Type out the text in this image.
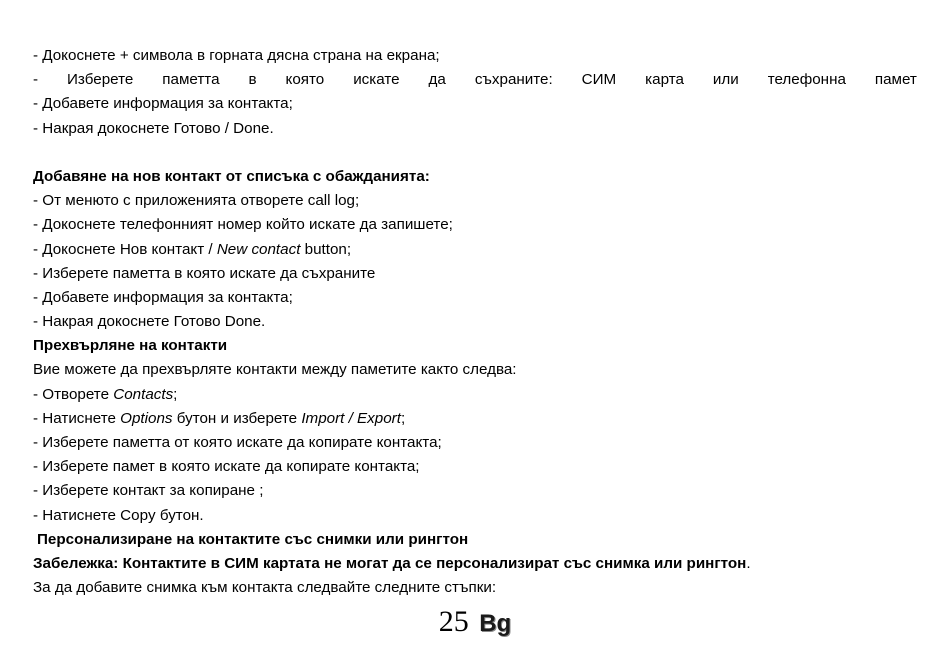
- Докоснете + символа в горната дясна страна на екрана;
- Изберете паметта в която искате да съхраните: СИМ карта или телефонна памет
- Добавете информация за контакта;
- Накрая докоснете Готово / Done.
Добавяне на нов контакт от списъка с обажданията:
- От менюто с приложенията отворете call log;
- Докоснете телефонният номер който искате да запишете;
- Докоснете Нов контакт / New contact button;
- Изберете паметта в която искате да съхраните
- Добавете информация за контакта;
- Накрая докоснете Готово Done.
Прехвърляне на контакти
Вие можете да прехвърляте контакти между паметите както следва:
- Отворете Contacts;
- Натиснете Options бутон и изберете Import / Export;
- Изберете паметта от която искате да копирате контакта;
- Изберете памет в която искате да копирате контакта;
- Изберете контакт за копиране ;
- Натиснете Copy бутон.
Персонализиране на контактите със снимки или рингтон
Забележка: Контактите в СИМ картата не могат да се персонализират със снимка или рингтон.
За да добавите снимка към контакта следвайте следните стъпки:
25 Bg
